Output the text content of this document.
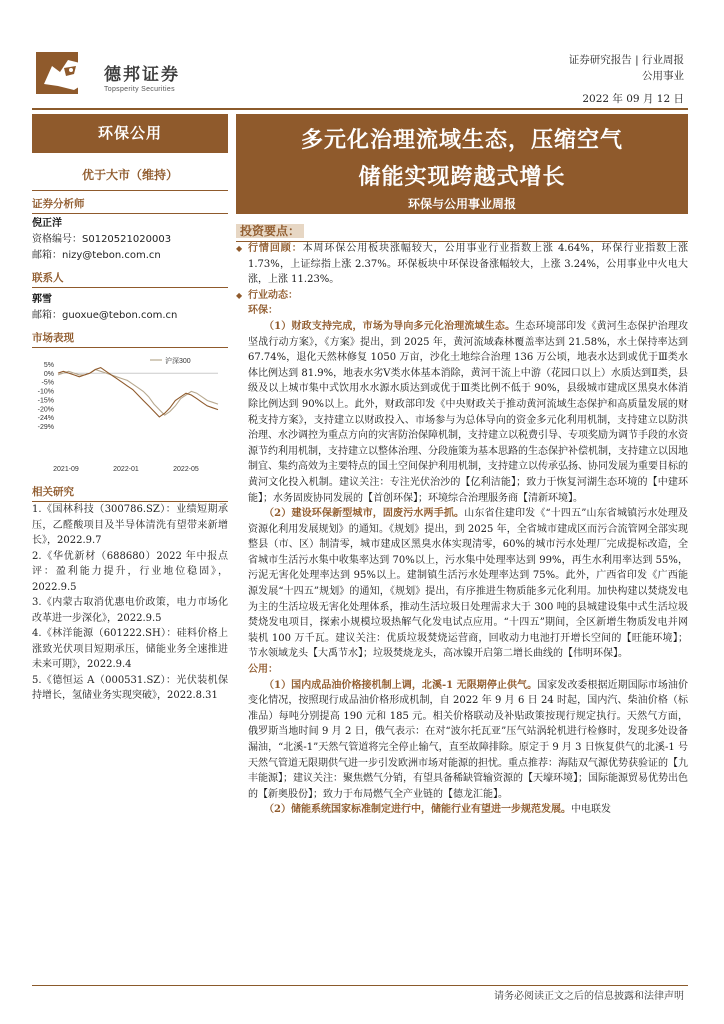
德邦证券
Topsperity Securities
证券研究报告 | 行业周报
公用事业
2022 年 09 月 12 日
环保公用
优于大市（维持）
证券分析师
倪正洋
资格编号：S0120521020003
邮箱：nizy@tebon.com.cn
联系人
郭雪
邮箱：guoxue@tebon.com.cn
市场表现
5%
0%
-5%
-10%
-15%
-20%
-24%
-29%
2021-09	2022-01	2022-05
沪深300
相关研究
1.《国林科技（300786.SZ）：业绩短期承压，乙醛酸项目及半导体清洗有望带来新增长》，2022.9.7
2.《华优新材（688680）2022 年中报点评：盈利能力提升，行业地位稳固》，2022.9.5
3.《内蒙古取消优惠电价政策，电力市场化改革进一步深化》，2022.9.5
4.《林洋能源（601222.SH）：硅料价格上涨致光伏项目短期承压，储能业务全速推进未来可期》，2022.9.4
5.《德恒运 A（000531.SZ）：光伏装机保持增长，氢储业务实现突破》，2022.8.31
多元化治理流域生态，压缩空气
储能实现跨越式增长
环保与公用事业周报
投资要点：

◆ 行情回顾：本周环保公用板块涨幅较大，公用事业行业指数上涨 4.64%，环保行业指数上涨 1.73%，上证综指上涨 2.37%。环保板块中环保设备涨幅较大，上涨 3.24%，公用事业中火电大涨，上涨 11.23%。

◆ 行业动态：

环保：

（1）财政支持完成，市场为导向多元化治理流域生态。生态环境部印发《黄河生态保护治理攻坚战行动方案》，《方案》提出，到 2025 年，黄河流域森林覆盖率达到 21.58%，水土保持率达到 67.74%，退化天然林修复 1050 万亩，沙化土地综合治理 136 万公顷，地表水达到或优于Ⅲ类水体比例达到 81.9%，地表水劣Ⅴ类水体基本消除，黄河干流上中游（花园口以上）水质达到Ⅱ类，县级及以上城市集中式饮用水水源水质达到或优于Ⅲ类比例不低于 90%，县级城市建成区黑臭水体消除比例达到 90%以上。此外，财政部印发《中央财政关于推动黄河流域生态保护和高质量发展的财税支持方案》，支持建立以财政投入、市场参与为总体导向的资金多元化利用机制，支持建立以防洪治理、水沙调控为重点方向的灾害防治保障机制，支持建立以税费引导、专项奖励为调节手段的水资源节约利用机制，支持建立以整体治理、分段施策为基本思路的生态保护补偿机制，支持建立以因地制宜、集约高效为主要特点的国土空间保护利用机制，支持建立以传承弘扬、协同发展为重要目标的黄河文化投入机制。建议关注：专注光伏治沙的【亿利洁能】；致力于恢复河湖生态环境的【中建环能】；水务固废协同发展的【首创环保】；环境综合治理服务商【清新环境】。

（2）建设环保新型城市，固废污水两手抓。山东省住建印发《“十四五”山东省城镇污水处理及资源化利用发展规划》的通知。《规划》提出，到 2025 年，全省城市建成区而污合流管网全部实现整县（市、区）制清零，城市建成区黑臭水体实现清零，60%的城市污水处理厂完成提标改造，全省城市生活污水集中收集率达到 70%以上，污水集中处理率达到 99%，再生水利用率达到 55%，污泥无害化处理率达到 95%以上。建制镇生活污水处理率达到 75%。此外，广西省印发《广西能源发展“十四五”规划》的通知，《规划》提出，有序推进生物质能多元化利用。加快构建以焚烧发电为主的生活垃圾无害化处理体系，推动生活垃圾日处理需求大于 300 吨的县城建设集中式生活垃圾焚烧发电项目，探索小规模垃圾热解气化发电试点应用。“十四五”期间，全区新增生物质发电并网装机 100 万千瓦。建议关注：优质垃圾焚烧运营商，回收动力电池打开增长空间的【旺能环境】；节水领域龙头【大禹节水】；垃圾焚烧龙头，高冰镍开启第二增长曲线的【伟明环保】。

公用：

（1）国内成品油价格接机制上调，北溪-1 无限期停止供气。国家发改委根据近期国际市场油价变化情况，按照现行成品油价格形成机制，自 2022 年 9 月 6 日 24 时起，国内汽、柴油价格（标准品）每吨分别提高 190 元和 185 元。相关价格联动及补贴政策按现行规定执行。天然气方面，俄罗斯当地时间 9 月 2 日，俄气表示：在对“波尔托瓦亚”压气站涡轮机进行检修时，发现多处设备漏油，“北溪-1”天然气管道将完全停止输气，直至故障排除。原定于 9 月 3 日恢复供气的北溪-1 号天然气管道无限期供气进一步引发欧洲市场对能源的担忧。重点推荐：海陆双气源优势获验证的【九丰能源】；建议关注：聚焦燃气分销，有望具备稀缺管输资源的【天壕环境】；国际能源贸易优势出色的【新奥股份】；致力于布局燃气全产业链的【德龙汇能】。

（2）储能系统国家标准制定进行中，储能行业有望进一步规范发展。中电联发

请务必阅读正文之后的信息披露和法律声明
